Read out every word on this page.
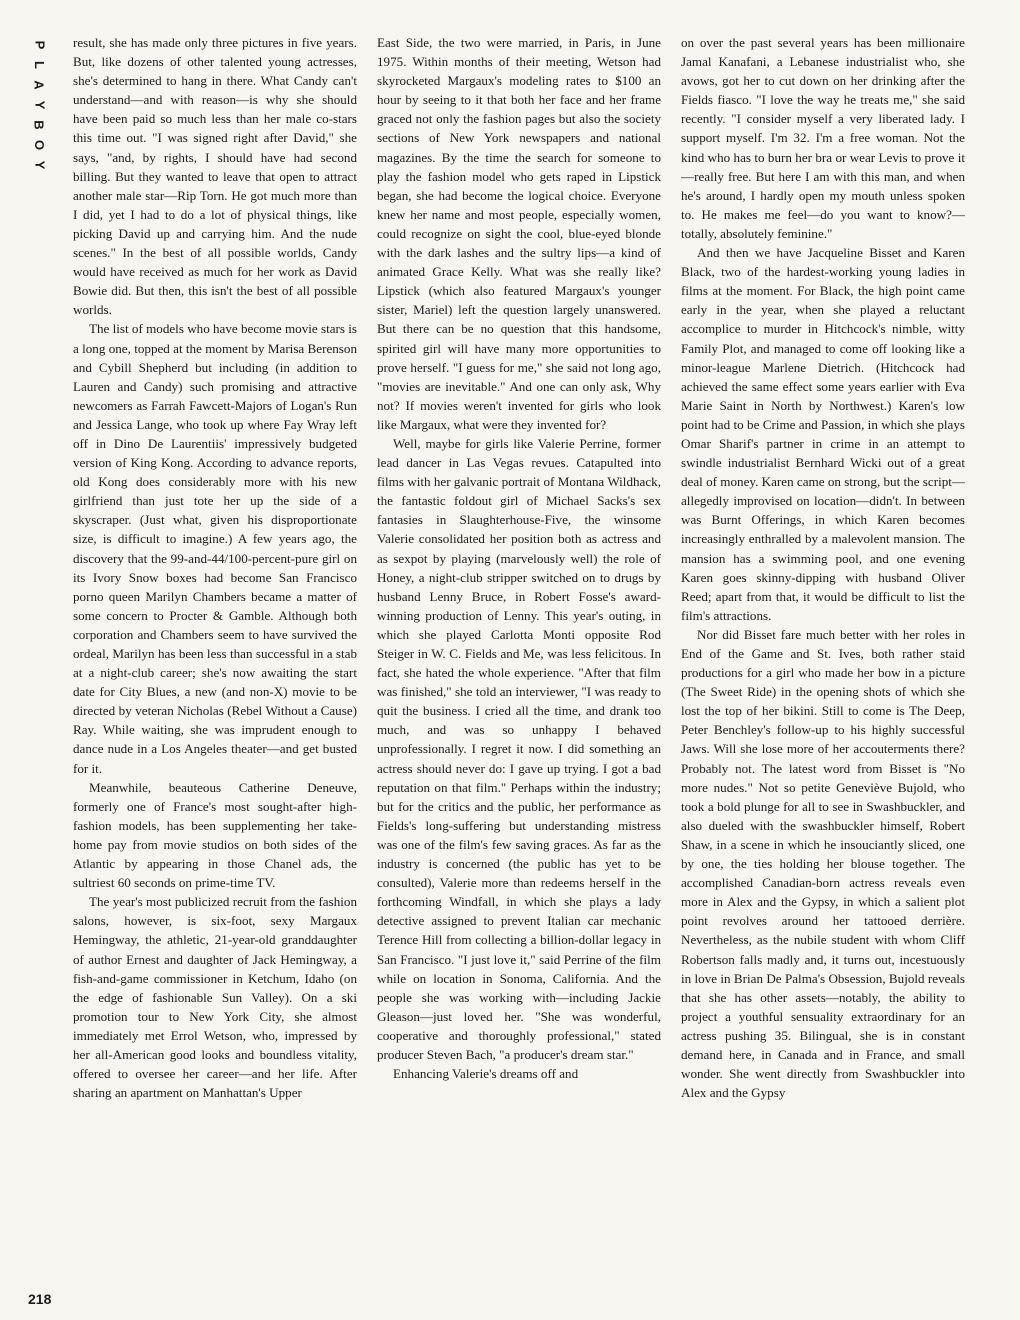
P
L
A
Y
B
O
Y
218

result, she has made only three pictures in five years. But, like dozens of other talented young actresses, she's determined to hang in there. What Candy can't understand—and with reason—is why she should have been paid so much less than her male co-stars this time out. "I was signed right after David," she says, "and, by rights, I should have had second billing. But they wanted to leave that open to attract another male star—Rip Torn. He got much more than I did, yet I had to do a lot of physical things, like picking David up and carrying him. And the nude scenes." In the best of all possible worlds, Candy would have received as much for her work as David Bowie did. But then, this isn't the best of all possible worlds.

The list of models who have become movie stars is a long one, topped at the moment by Marisa Berenson and Cybill Shepherd but including (in addition to Lauren and Candy) such promising and attractive newcomers as Farrah Fawcett-Majors of Logan's Run and Jessica Lange, who took up where Fay Wray left off in Dino De Laurentiis' impressively budgeted version of King Kong. According to advance reports, old Kong does considerably more with his new girlfriend than just tote her up the side of a skyscraper. (Just what, given his disproportionate size, is difficult to imagine.) A few years ago, the discovery that the 99-and-44/100-percent-pure girl on its Ivory Snow boxes had become San Francisco porno queen Marilyn Chambers became a matter of some concern to Procter & Gamble. Although both corporation and Chambers seem to have survived the ordeal, Marilyn has been less than successful in a stab at a night-club career; she's now awaiting the start date for City Blues, a new (and non-X) movie to be directed by veteran Nicholas (Rebel Without a Cause) Ray. While waiting, she was imprudent enough to dance nude in a Los Angeles theater—and get busted for it.

Meanwhile, beauteous Catherine Deneuve, formerly one of France's most sought-after high-fashion models, has been supplementing her take-home pay from movie studios on both sides of the Atlantic by appearing in those Chanel ads, the sultriest 60 seconds on prime-time TV.

The year's most publicized recruit from the fashion salons, however, is six-foot, sexy Margaux Hemingway, the athletic, 21-year-old granddaughter of author Ernest and daughter of Jack Hemingway, a fish-and-game commissioner in Ketchum, Idaho (on the edge of fashionable Sun Valley). On a ski promotion tour to New York City, she almost immediately met Errol Wetson, who, impressed by her all-American good looks and boundless vitality, offered to oversee her career—and her life. After sharing an apartment on Manhattan's Upper

East Side, the two were married, in Paris, in June 1975. Within months of their meeting, Wetson had skyrocketed Margaux's modeling rates to $100 an hour by seeing to it that both her face and her frame graced not only the fashion pages but also the society sections of New York newspapers and national magazines. By the time the search for someone to play the fashion model who gets raped in Lipstick began, she had become the logical choice. Everyone knew her name and most people, especially women, could recognize on sight the cool, blue-eyed blonde with the dark lashes and the sultry lips—a kind of animated Grace Kelly. What was she really like? Lipstick (which also featured Margaux's younger sister, Mariel) left the question largely unanswered. But there can be no question that this handsome, spirited girl will have many more opportunities to prove herself. "I guess for me," she said not long ago, "movies are inevitable." And one can only ask, Why not? If movies weren't invented for girls who look like Margaux, what were they invented for?

Well, maybe for girls like Valerie Perrine, former lead dancer in Las Vegas revues. Catapulted into films with her galvanic portrait of Montana Wildhack, the fantastic foldout girl of Michael Sacks's sex fantasies in Slaughterhouse-Five, the winsome Valerie consolidated her position both as actress and as sexpot by playing (marvelously well) the role of Honey, a night-club stripper switched on to drugs by husband Lenny Bruce, in Robert Fosse's award-winning production of Lenny. This year's outing, in which she played Carlotta Monti opposite Rod Steiger in W. C. Fields and Me, was less felicitous. In fact, she hated the whole experience. "After that film was finished," she told an interviewer, "I was ready to quit the business. I cried all the time, and drank too much, and was so unhappy I behaved unprofessionally. I regret it now. I did something an actress should never do: I gave up trying. I got a bad reputation on that film." Perhaps within the industry; but for the critics and the public, her performance as Fields's long-suffering but understanding mistress was one of the film's few saving graces. As far as the industry is concerned (the public has yet to be consulted), Valerie more than redeems herself in the forthcoming Windfall, in which she plays a lady detective assigned to prevent Italian car mechanic Terence Hill from collecting a billion-dollar legacy in San Francisco. "I just love it," said Perrine of the film while on location in Sonoma, California. And the people she was working with—including Jackie Gleason—just loved her. "She was wonderful, cooperative and thoroughly professional," stated producer Steven Bach, "a producer's dream star."

Enhancing Valerie's dreams off and

on over the past several years has been millionaire Jamal Kanafani, a Lebanese industrialist who, she avows, got her to cut down on her drinking after the Fields fiasco. "I love the way he treats me," she said recently. "I consider myself a very liberated lady. I support myself. I'm 32. I'm a free woman. Not the kind who has to burn her bra or wear Levis to prove it—really free. But here I am with this man, and when he's around, I hardly open my mouth unless spoken to. He makes me feel—do you want to know?—totally, absolutely feminine."

And then we have Jacqueline Bisset and Karen Black, two of the hardest-working young ladies in films at the moment. For Black, the high point came early in the year, when she played a reluctant accomplice to murder in Hitchcock's nimble, witty Family Plot, and managed to come off looking like a minor-league Marlene Dietrich. (Hitchcock had achieved the same effect some years earlier with Eva Marie Saint in North by Northwest.) Karen's low point had to be Crime and Passion, in which she plays Omar Sharif's partner in crime in an attempt to swindle industrialist Bernhard Wicki out of a great deal of money. Karen came on strong, but the script—allegedly improvised on location—didn't. In between was Burnt Offerings, in which Karen becomes increasingly enthralled by a malevolent mansion. The mansion has a swimming pool, and one evening Karen goes skinny-dipping with husband Oliver Reed; apart from that, it would be difficult to list the film's attractions.

Nor did Bisset fare much better with her roles in End of the Game and St. Ives, both rather staid productions for a girl who made her bow in a picture (The Sweet Ride) in the opening shots of which she lost the top of her bikini. Still to come is The Deep, Peter Benchley's follow-up to his highly successful Jaws. Will she lose more of her accouterments there? Probably not. The latest word from Bisset is "No more nudes." Not so petite Geneviève Bujold, who took a bold plunge for all to see in Swashbuckler, and also dueled with the swashbuckler himself, Robert Shaw, in a scene in which he insouciantly sliced, one by one, the ties holding her blouse together. The accomplished Canadian-born actress reveals even more in Alex and the Gypsy, in which a salient plot point revolves around her tattooed derrière. Nevertheless, as the nubile student with whom Cliff Robertson falls madly and, it turns out, incestuously in love in Brian De Palma's Obsession, Bujold reveals that she has other assets—notably, the ability to project a youthful sensuality extraordinary for an actress pushing 35. Bilingual, she is in constant demand here, in Canada and in France, and small wonder. She went directly from Swashbuckler into Alex and the Gypsy
